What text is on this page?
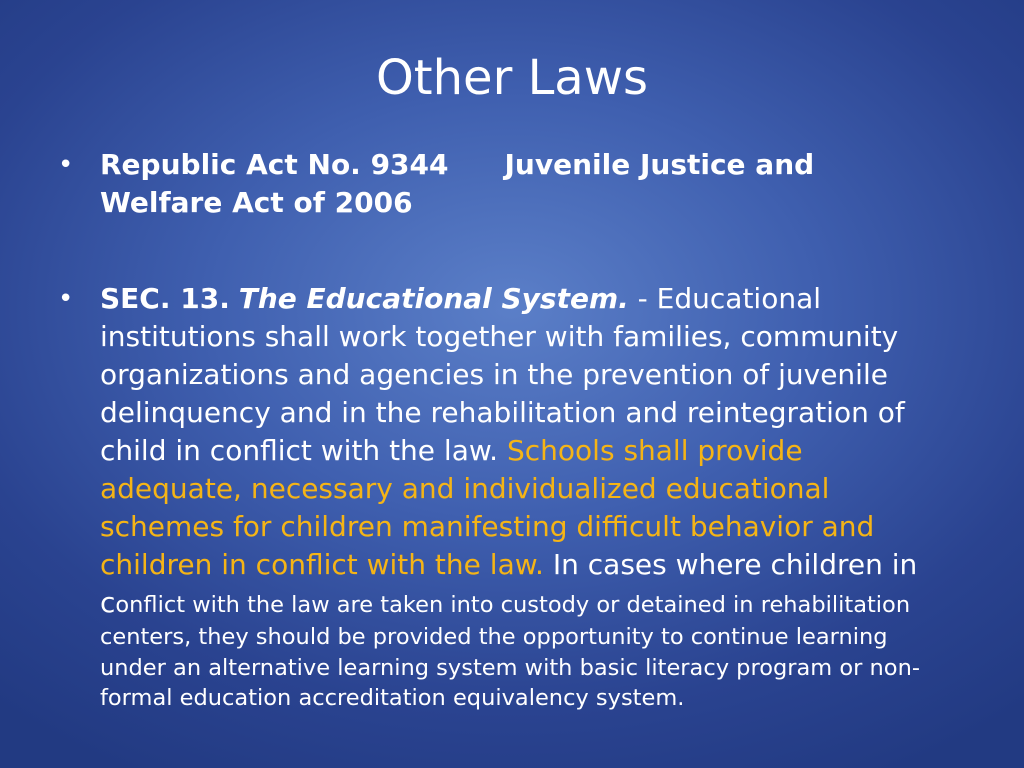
Other Laws
• Republic Act No. 9344 Juvenile Justice and Welfare Act of 2006
• SEC. 13. The Educational System. - Educational institutions shall work together with families, community organizations and agencies in the prevention of juvenile delinquency and in the rehabilitation and reintegration of child in conflict with the law. Schools shall provide adequate, necessary and individualized educational schemes for children manifesting difficult behavior and children in conflict with the law. In cases where children in conflict with the law are taken into custody or detained in rehabilitation centers, they should be provided the opportunity to continue learning under an alternative learning system with basic literacy program or non- formal education accreditation equivalency system.
